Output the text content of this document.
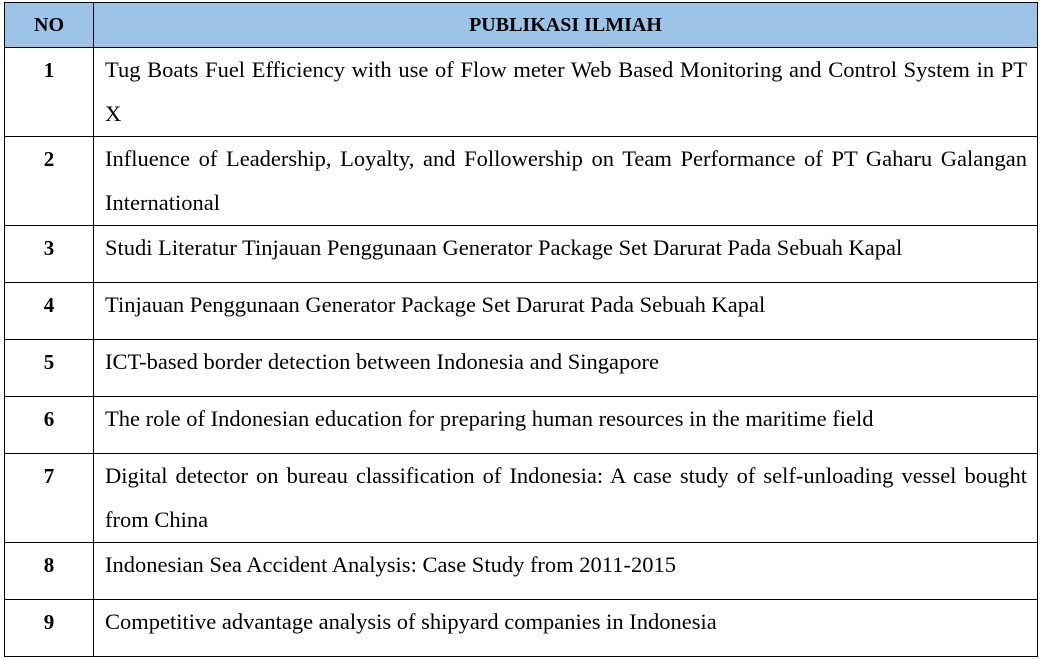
NO	PUBLIKASI ILMIAH
1	Tug Boats Fuel Efficiency with use of Flow meter Web Based Monitoring and Control System in PT X
2	Influence of Leadership, Loyalty, and Followership on Team Performance of PT Gaharu Galangan International
3	Studi Literatur Tinjauan Penggunaan Generator Package Set Darurat Pada Sebuah Kapal
4	Tinjauan Penggunaan Generator Package Set Darurat Pada Sebuah Kapal
5	ICT-based border detection between Indonesia and Singapore
6	The role of Indonesian education for preparing human resources in the maritime field
7	Digital detector on bureau classification of Indonesia: A case study of self-unloading vessel bought from China
8	Indonesian Sea Accident Analysis: Case Study from 2011-2015
9	Competitive advantage analysis of shipyard companies in Indonesia
